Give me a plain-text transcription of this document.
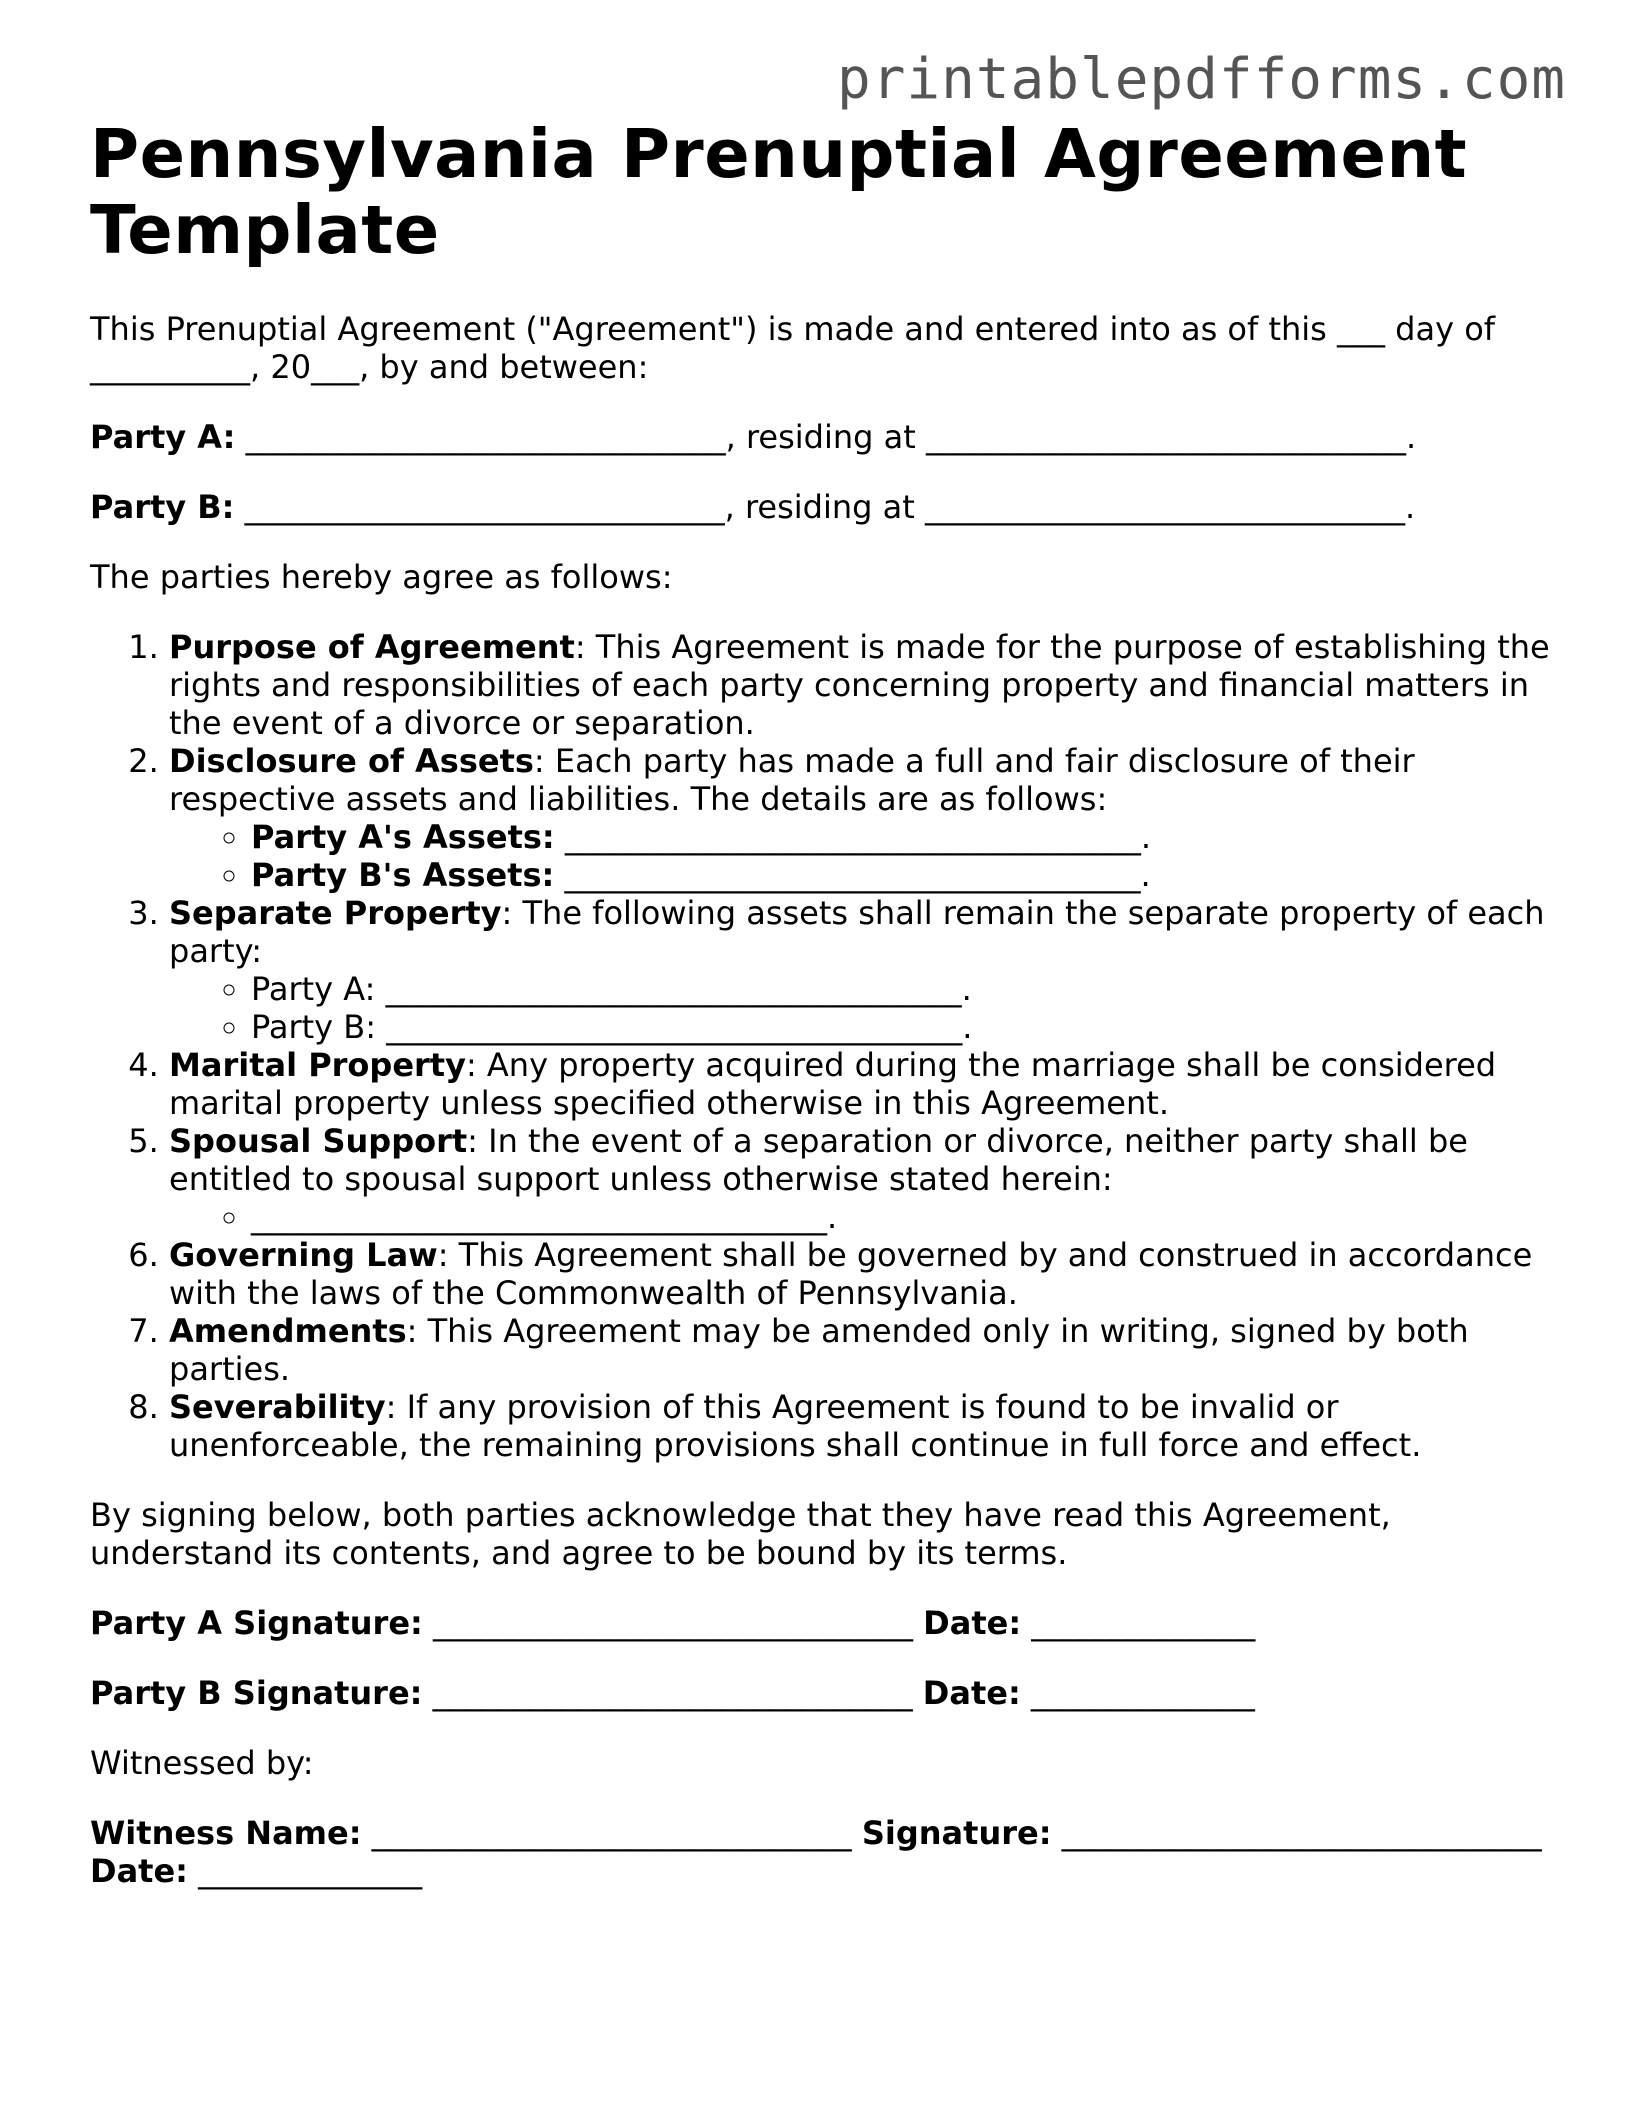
printablepdfforms.com
Pennsylvania Prenuptial Agreement Template

This Prenuptial Agreement ("Agreement") is made and entered into as of this ___ day of __________, 20___, by and between:

Party A: ______________________________, residing at ______________________________.

Party B: ______________________________, residing at ______________________________.

The parties hereby agree as follows:

1. Purpose of Agreement: This Agreement is made for the purpose of establishing the rights and responsibilities of each party concerning property and financial matters in the event of a divorce or separation.
2. Disclosure of Assets: Each party has made a full and fair disclosure of their respective assets and liabilities. The details are as follows:
◦ Party A's Assets: ____________________________________.
◦ Party B's Assets: ____________________________________.
3. Separate Property: The following assets shall remain the separate property of each party:
◦ Party A: ____________________________________.
◦ Party B: ____________________________________.
4. Marital Property: Any property acquired during the marriage shall be considered marital property unless specified otherwise in this Agreement.
5. Spousal Support: In the event of a separation or divorce, neither party shall be entitled to spousal support unless otherwise stated herein:
◦ ____________________________________.
6. Governing Law: This Agreement shall be governed by and construed in accordance with the laws of the Commonwealth of Pennsylvania.
7. Amendments: This Agreement may be amended only in writing, signed by both parties.
8. Severability: If any provision of this Agreement is found to be invalid or unenforceable, the remaining provisions shall continue in full force and effect.

By signing below, both parties acknowledge that they have read this Agreement, understand its contents, and agree to be bound by its terms.

Party A Signature: ______________________________ Date: ______________

Party B Signature: ______________________________ Date: ______________

Witnessed by:

Witness Name: ______________________________ Signature: ______________________________
Date: ______________
